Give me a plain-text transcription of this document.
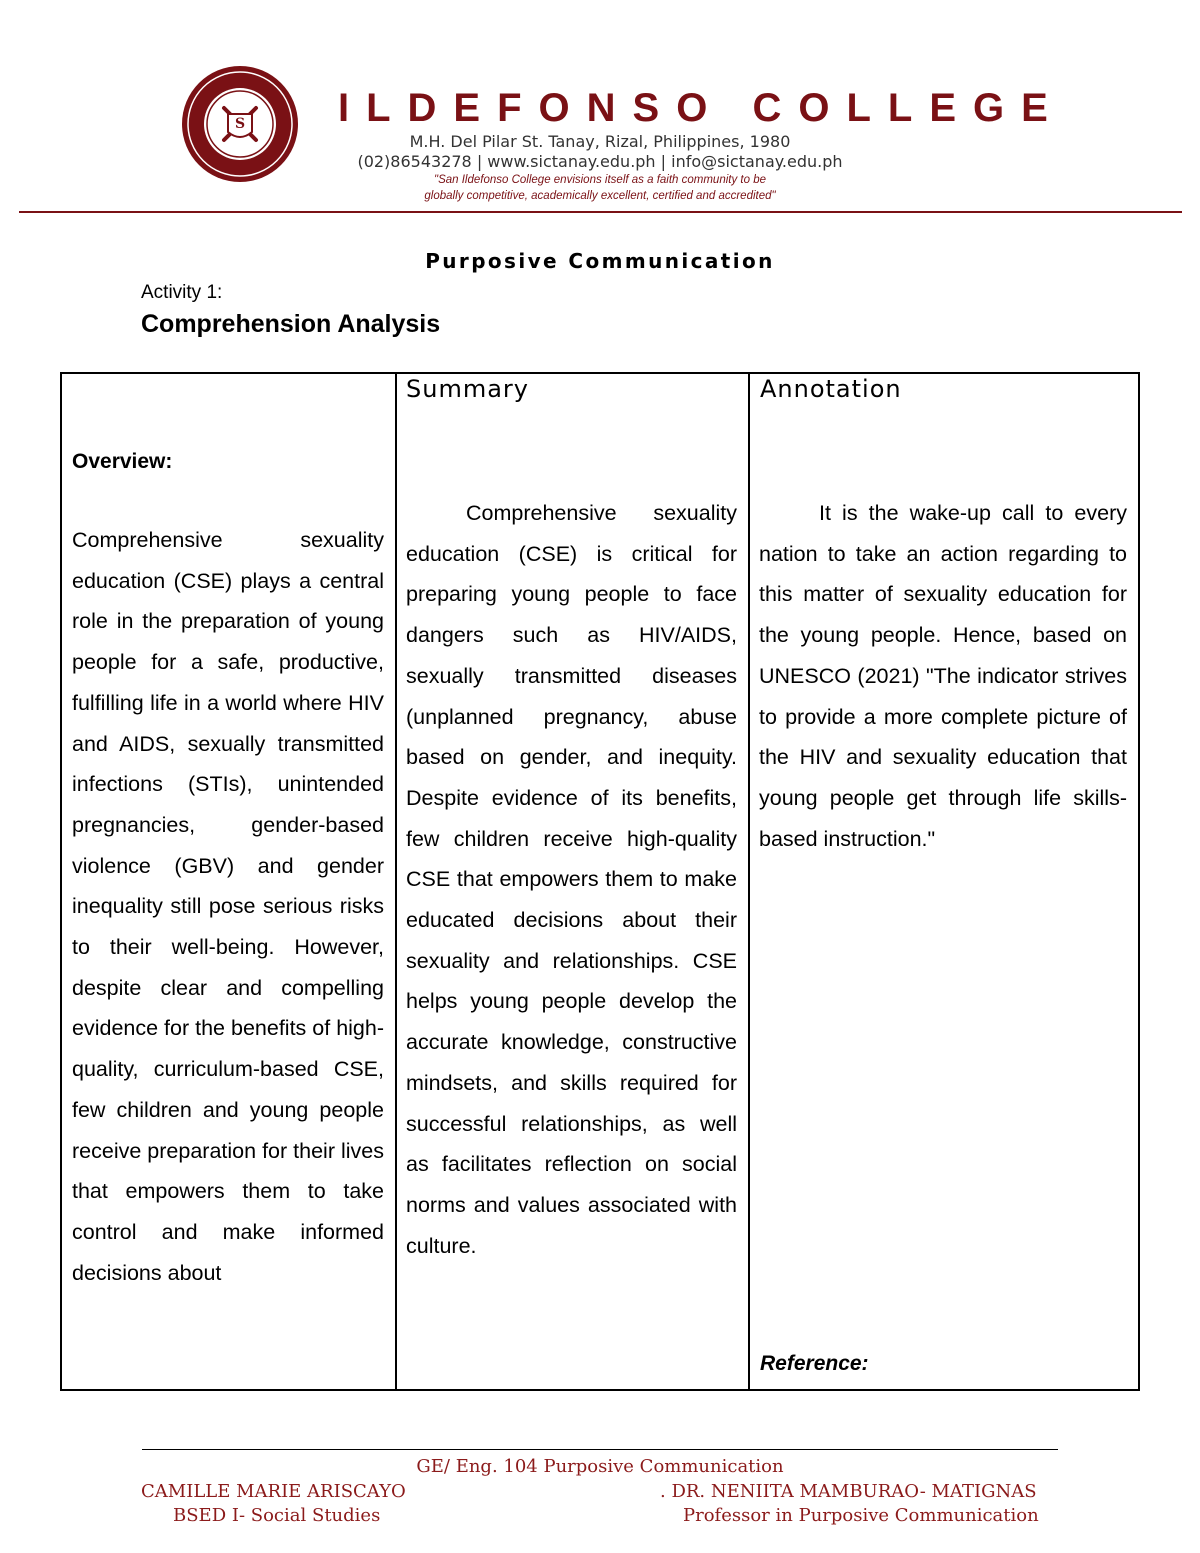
S ILDEFONSO COLLEGE
M.H. Del Pilar St. Tanay, Rizal, Philippines, 1980
(02)86543278 | www.sictanay.edu.ph | info@sictanay.edu.ph
"San Ildefonso College envisions itself as a faith community to be
globally competitive, academically excellent, certified and accredited"
Purposive Communication
Activity 1:
Comprehension Analysis
Summary	Annotation
Overview:

Comprehensive sexuality education (CSE) plays a central role in the preparation of young people for a safe, productive, fulfilling life in a world where HIV and AIDS, sexually transmitted infections (STIs), unintended pregnancies, gender-based violence (GBV) and gender inequality still pose serious risks to their well-being. However, despite clear and compelling evidence for the benefits of high-quality, curriculum-based CSE, few children and young people receive preparation for their lives that empowers them to take control and make informed decisions about

Comprehensive sexuality education (CSE) is critical for preparing young people to face dangers such as HIV/AIDS, sexually transmitted diseases (unplanned pregnancy, abuse based on gender, and inequity. Despite evidence of its benefits, few children receive high-quality CSE that empowers them to make educated decisions about their sexuality and relationships. CSE helps young people develop the accurate knowledge, constructive mindsets, and skills required for successful relationships, as well as facilitates reflection on social norms and values associated with culture.

It is the wake-up call to every nation to take an action regarding to this matter of sexuality education for the young people. Hence, based on UNESCO (2021) "The indicator strives to provide a more complete picture of the HIV and sexuality education that young people get through life skills-based instruction."

Reference:
GE/ Eng. 104 Purposive Communication
CAMILLE MARIE ARISCAYO
BSED I- Social Studies
. DR. NENIITA MAMBURAO- MATIGNAS
Professor in Purposive Communication
